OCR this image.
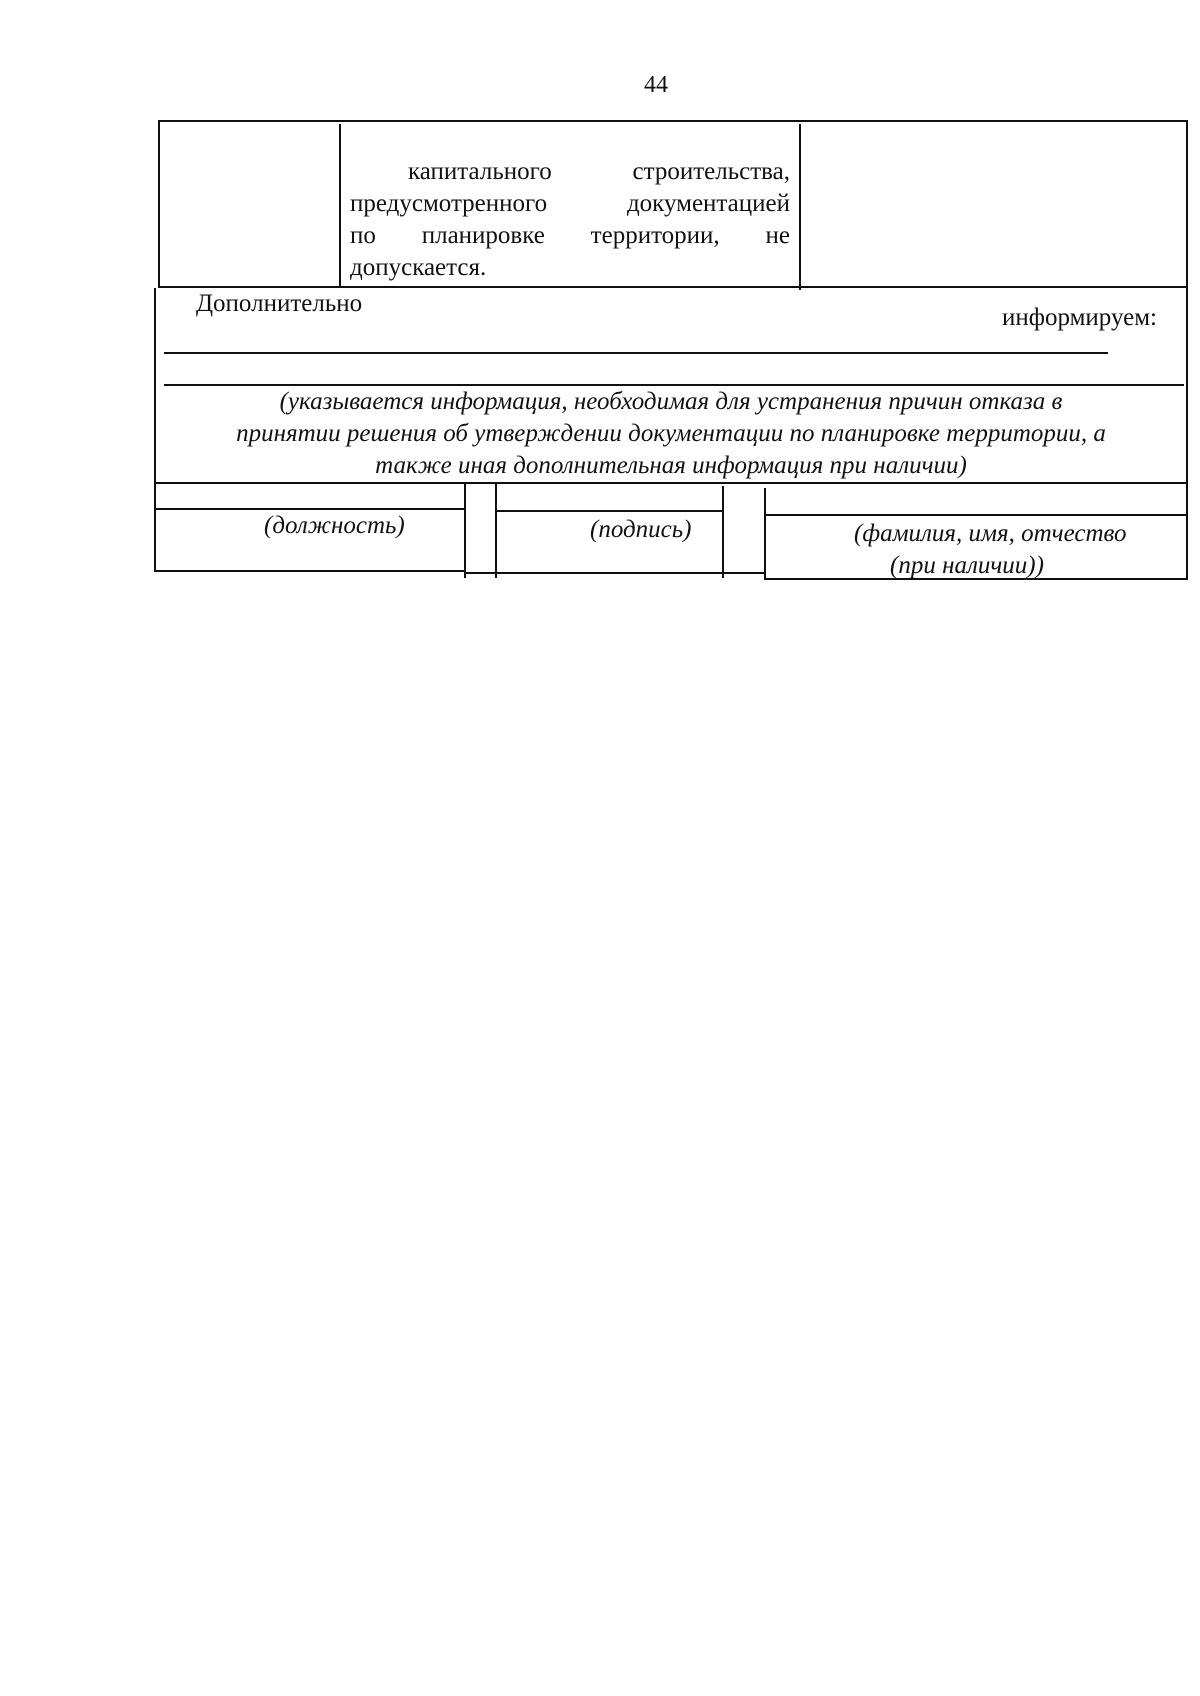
44
капитального строительства,
предусмотренного документацией
по планировке территории, не
допускается.
Дополнительно
информируем:
(указывается информация, необходимая для устранения причин отказа в
принятии решения об утверждении документации по планировке территории, а
также иная дополнительная информация при наличии)
(должность)	(подпись)	(фамилия, имя, отчество
(при наличии))
